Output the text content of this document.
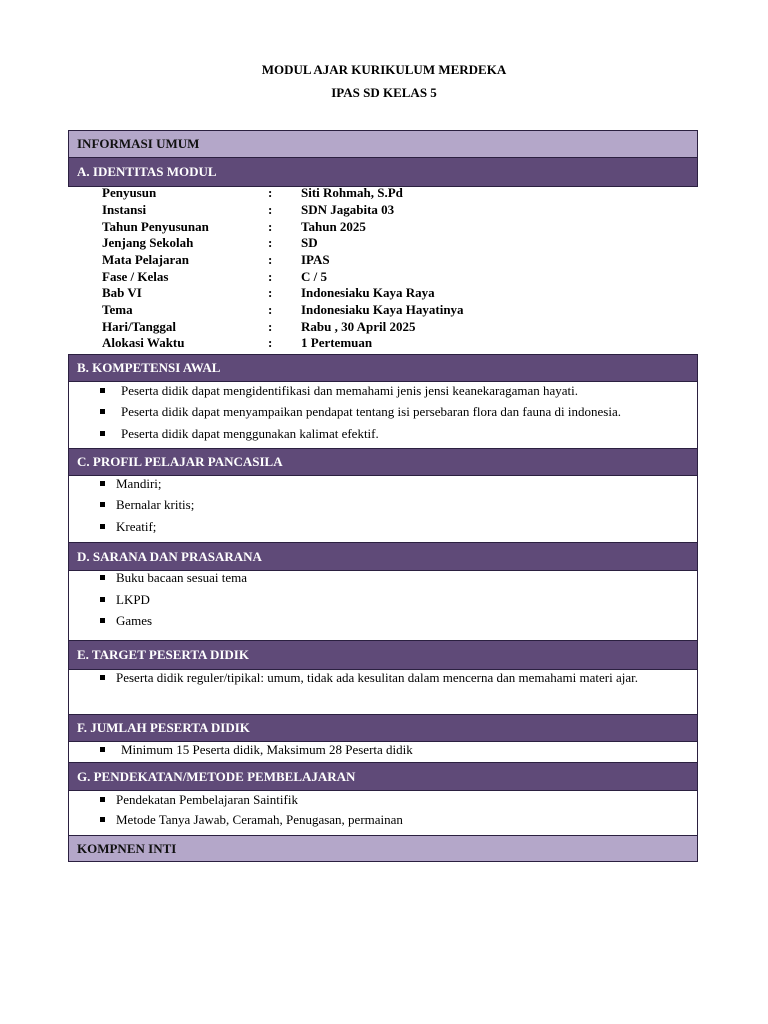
MODUL AJAR KURIKULUM MERDEKA
IPAS SD KELAS 5
INFORMASI UMUM
A. IDENTITAS MODUL
Penyusun	: Siti Rohmah, S.Pd
Instansi	: SDN Jagabita 03
Tahun Penyusunan	: Tahun 2025
Jenjang Sekolah	: SD
Mata Pelajaran	: IPAS
Fase / Kelas	: C / 5
Bab VI	: Indonesiaku Kaya Raya
Tema	: Indonesiaku Kaya Hayatinya
Hari/Tanggal	: Rabu , 30 April 2025
Alokasi Waktu	: 1 Pertemuan
B. KOMPETENSI AWAL
Peserta didik dapat mengidentifikasi dan memahami jenis jensi keanekaragaman hayati.
Peserta didik dapat menyampaikan pendapat tentang isi persebaran flora dan fauna di indonesia.
Peserta didik dapat menggunakan kalimat efektif.
C. PROFIL PELAJAR PANCASILA
Mandiri;
Bernalar kritis;
Kreatif;
D. SARANA DAN PRASARANA
Buku bacaan sesuai tema
LKPD
Games
E. TARGET PESERTA DIDIK
Peserta didik reguler/tipikal: umum, tidak ada kesulitan dalam mencerna dan memahami materi ajar.
F. JUMLAH PESERTA DIDIK
Minimum 15 Peserta didik, Maksimum 28 Peserta didik
G. PENDEKATAN/METODE PEMBELAJARAN
Pendekatan Pembelajaran Saintifik
Metode Tanya Jawab, Ceramah, Penugasan, permainan
KOMPNEN INTI
